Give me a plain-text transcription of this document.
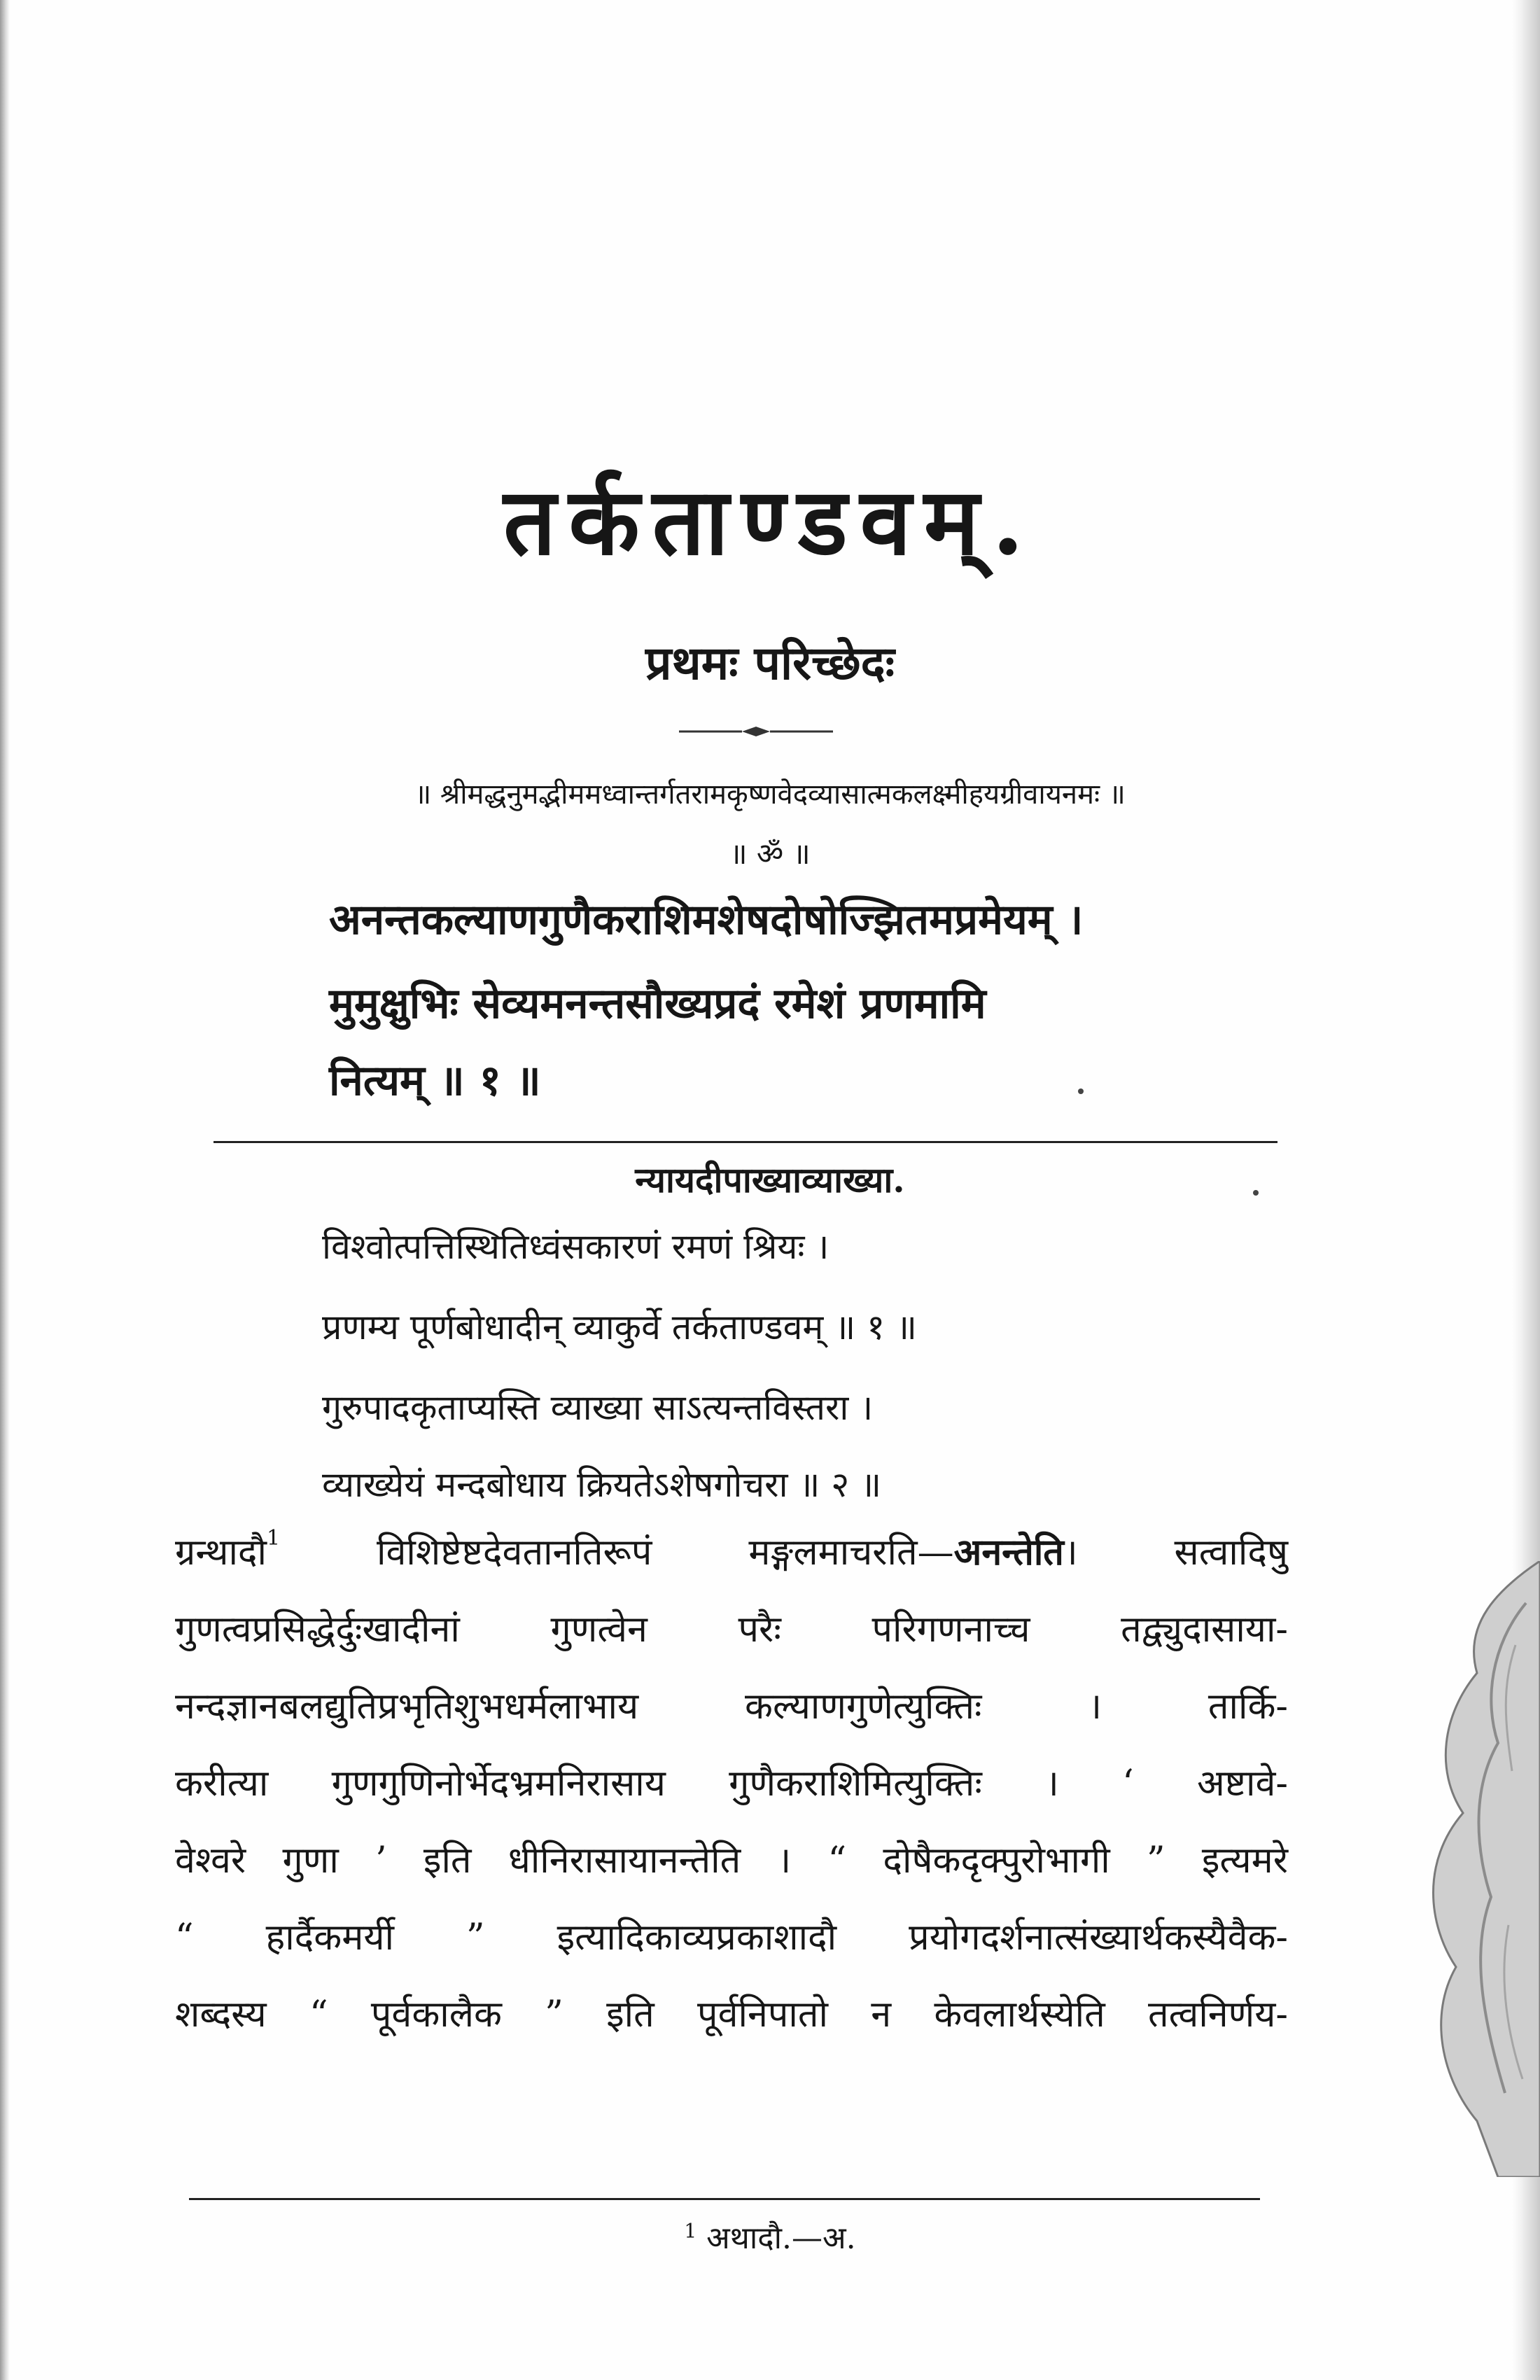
तर्कताण्डवम्.
प्रथमः परिच्छेदः
॥ श्रीमद्धनुमद्भीममध्वान्तर्गतरामकृष्णवेदव्यासात्मकलक्ष्मीहयग्रीवायनमः ॥
॥ ॐ ॥
अनन्तकल्याणगुणैकराशिमशेषदोषोज्झितमप्रमेयम् ।
मुमुक्षुभिः सेव्यमनन्तसौख्यप्रदं रमेशं प्रणमामि
नित्यम् ॥ १ ॥
न्यायदीपाख्याव्याख्या.
विश्वोत्पत्तिस्थितिध्वंसकारणं रमणं श्रियः ।
प्रणम्य पूर्णबोधादीन् व्याकुर्वे तर्कताण्डवम् ॥ १ ॥
गुरुपादकृताप्यस्ति व्याख्या साऽत्यन्तविस्तरा ।
व्याख्येयं मन्दबोधाय क्रियतेऽशेषगोचरा ॥ २ ॥
ग्रन्थादौ$^1$ विशिष्टेष्टदेवतानतिरूपं मङ्गलमाचरति—अनन्तेति। सत्वादिषु
गुणत्वप्रसिद्धेर्दुःखादीनां गुणत्वेन परैः परिगणनाच्च तद्व्युदासाया-
नन्दज्ञानबलद्युतिप्रभृतिशुभधर्मलाभाय कल्याणगुणेत्युक्तिः । तार्कि-
करीत्या गुणगुणिनोर्भेदभ्रमनिरासाय गुणैकराशिमित्युक्तिः । ‘ अष्टावे-
वेश्वरे गुणा ’ इति धीनिरासायानन्तेति । “ दोषैकदृक्पुरोभागी ” इत्यमरे
“ हार्दैकमर्यी ” इत्यादिकाव्यप्रकाशादौ प्रयोगदर्शनात्संख्यार्थकस्यैवैक-
शब्दस्य “ पूर्वकालैक ” इति पूर्वनिपातो न केवलार्थस्येति तत्वनिर्णय-
$^1$ अथादौ.—अ.
